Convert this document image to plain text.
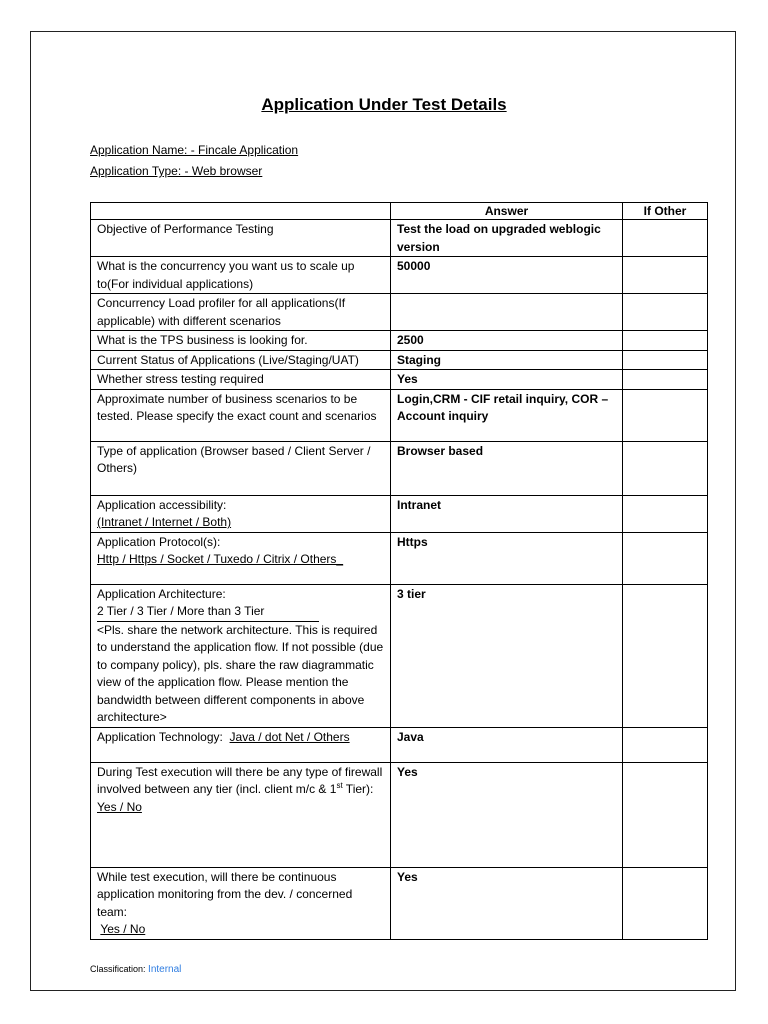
Application Under Test Details
Application Name: - Fincale Application
Application Type: - Web browser
	Answer	If Other
Objective of Performance Testing	Test the load on upgraded weblogic version	
What is the concurrency you want us to scale up to(For individual applications)	50000	
Concurrency Load profiler for all applications(If applicable) with different scenarios		
What is the TPS business is looking for.	2500	
Current Status of Applications (Live/Staging/UAT)	Staging	
Whether stress testing required	Yes	
Approximate number of business scenarios to be tested. Please specify the exact count and scenarios	Login,CRM - CIF retail inquiry, COR – Account inquiry	
Type of application (Browser based / Client Server / Others)	Browser based	

Application accessibility:
(Intranet / Internet / Both)	Intranet	

Application Protocol(s):
Http / Https / Socket / Tuxedo / Citrix / Others_	Https	

Application Architecture:
2 Tier / 3 Tier / More than 3 Tier
<Pls. share the network architecture. This is required to understand the application flow. If not possible (due to company policy), pls. share the raw diagrammatic view of the application flow. Please mention the bandwidth between different components in above architecture>	3 tier	
Application Technology: Java / dot Net / Others	Java	

During Test execution will there be any type of firewall involved between any tier (incl. client m/c & 1st Tier):
Yes / No	Yes	

While test execution, will there be continuous application monitoring from the dev. / concerned team:
Yes / No	Yes	
Classification: Internal
